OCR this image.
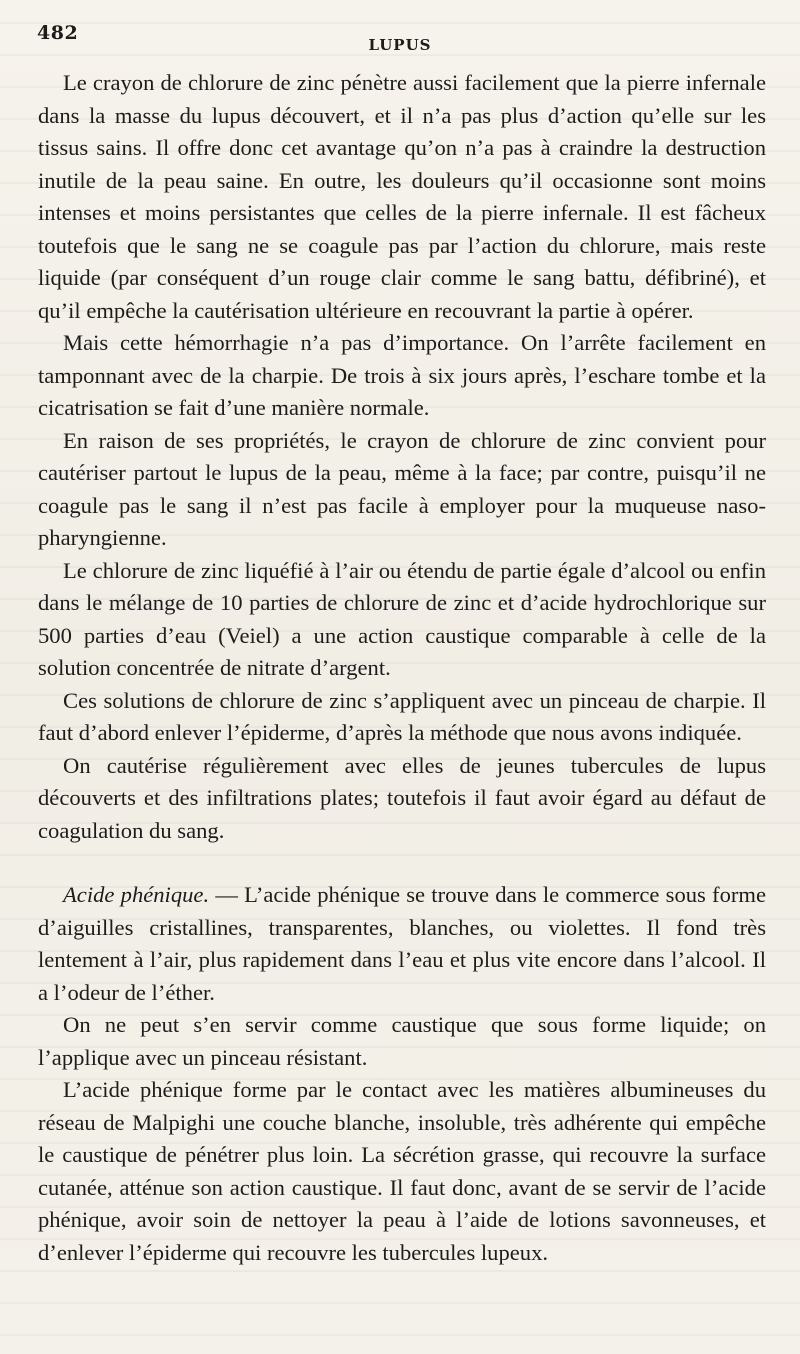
482
LUPUS

Le crayon de chlorure de zinc pénètre aussi facilement que la pierre infernale dans la masse du lupus découvert, et il n’a pas plus d’action qu’elle sur les tissus sains. Il offre donc cet avantage qu’on n’a pas à craindre la destruction inutile de la peau saine. En outre, les douleurs qu’il occasionne sont moins intenses et moins persistantes que celles de la pierre infernale. Il est fâcheux toutefois que le sang ne se coagule pas par l’action du chlorure, mais reste liquide (par conséquent d’un rouge clair comme le sang battu, défibriné), et qu’il empêche la cautérisation ultérieure en recouvrant la partie à opérer.

Mais cette hémorrhagie n’a pas d’importance. On l’arrête facilement en tamponnant avec de la charpie. De trois à six jours après, l’eschare tombe et la cicatrisation se fait d’une manière normale.

En raison de ses propriétés, le crayon de chlorure de zinc convient pour cautériser partout le lupus de la peau, même à la face; par contre, puisqu’il ne coagule pas le sang il n’est pas facile à employer pour la muqueuse naso-pharyngienne.

Le chlorure de zinc liquéfié à l’air ou étendu de partie égale d’alcool ou enfin dans le mélange de 10 parties de chlorure de zinc et d’acide hydrochlorique sur 500 parties d’eau (Veiel) a une action caustique comparable à celle de la solution concentrée de nitrate d’argent.

Ces solutions de chlorure de zinc s’appliquent avec un pinceau de charpie. Il faut d’abord enlever l’épiderme, d’après la méthode que nous avons indiquée.

On cautérise régulièrement avec elles de jeunes tubercules de lupus découverts et des infiltrations plates; toutefois il faut avoir égard au défaut de coagulation du sang.

Acide phénique. — L’acide phénique se trouve dans le commerce sous forme d’aiguilles cristallines, transparentes, blanches, ou violettes. Il fond très lentement à l’air, plus rapidement dans l’eau et plus vite encore dans l’alcool. Il a l’odeur de l’éther.

On ne peut s’en servir comme caustique que sous forme liquide; on l’applique avec un pinceau résistant.

L’acide phénique forme par le contact avec les matières albumineuses du réseau de Malpighi une couche blanche, insoluble, très adhérente qui empêche le caustique de pénétrer plus loin. La sécrétion grasse, qui recouvre la surface cutanée, atténue son action caustique. Il faut donc, avant de se servir de l’acide phénique, avoir soin de nettoyer la peau à l’aide de lotions savonneuses, et d’enlever l’épiderme qui recouvre les tubercules lupeux.
